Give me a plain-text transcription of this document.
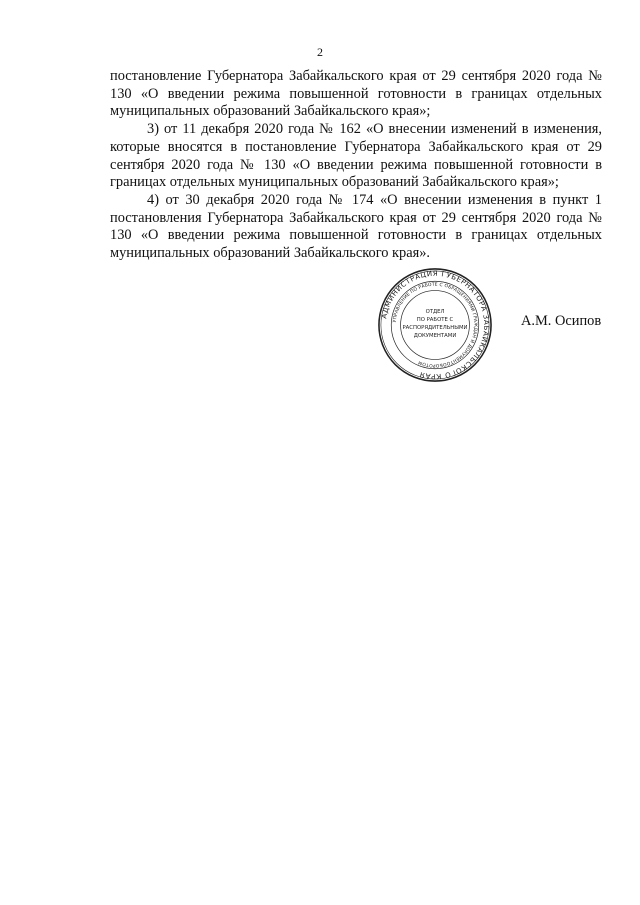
2

постановление Губернатора Забайкальского края от 29 сентября 2020 года № 130 «О введении режима повышенной готовности в границах отдельных муниципальных образований Забайкальского края»;

3) от 11 декабря 2020 года № 162 «О внесении изменений в изменения, которые вносятся в постановление Губернатора Забайкальского края от 29 сентября 2020 года № 130 «О введении режима повышенной готовности в границах отдельных муниципальных образований Забайкальского края»;

4) от 30 декабря 2020 года № 174 «О внесении изменения в пункт 1 постановления Губернатора Забайкальского края от 29 сентября 2020 года № 130 «О введении режима повышенной готовности в границах отдельных муниципальных образований Забайкальского края».

АДМИНИСТРАЦИЯ ГУБЕРНАТОРА ЗАБАЙКАЛЬСКОГО КРАЯ
УПРАВЛЕНИЕ ПО РАБОТЕ С ОБРАЩЕНИЯМИ ГРАЖДАН И ДОКУМЕНТООБОРОТОМ
ОТДЕЛ
ПО РАБОТЕ С
РАСПОРЯДИТЕЛЬНЫМИ
ДОКУМЕНТАМИ
А.М. Осипов
